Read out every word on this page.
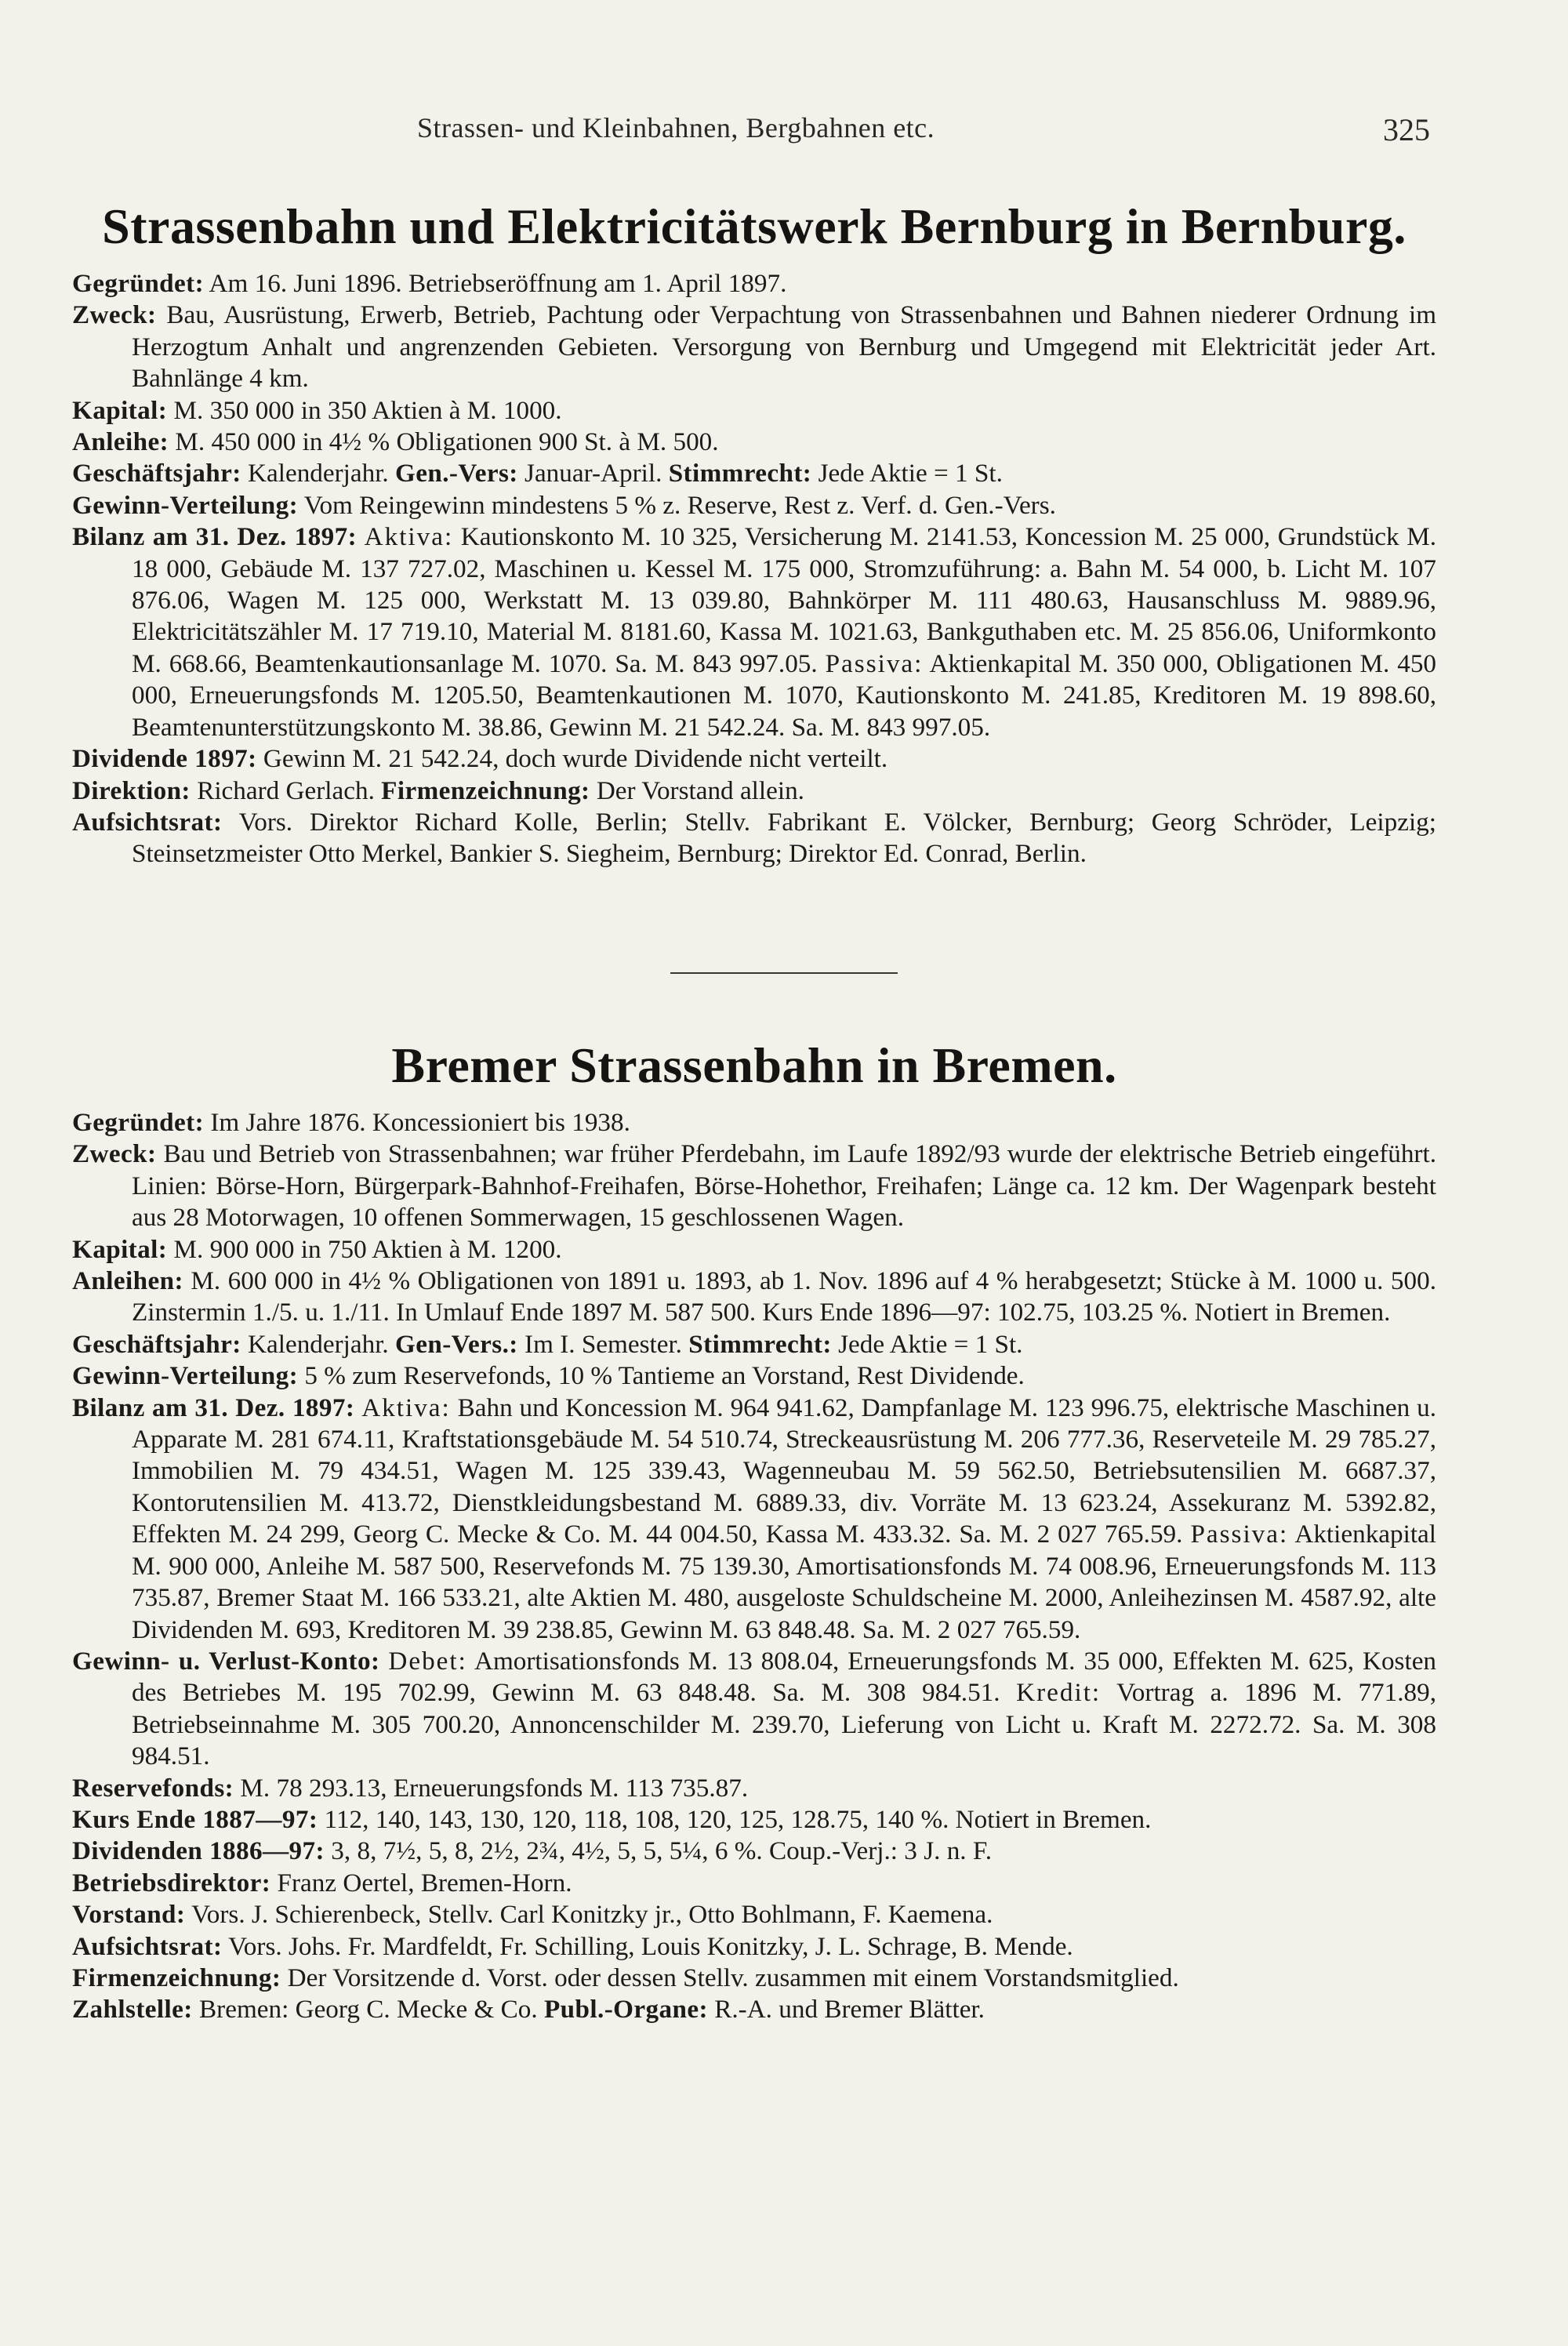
Strassen- und Kleinbahnen, Bergbahnen etc.	325
Strassenbahn und Elektricitätswerk Bernburg in Bernburg.

Gegründet: Am 16. Juni 1896. Betriebseröffnung am 1. April 1897.

Zweck: Bau, Ausrüstung, Erwerb, Betrieb, Pachtung oder Verpachtung von Strassenbahnen und Bahnen niederer Ordnung im Herzogtum Anhalt und angrenzenden Gebieten. Versorgung von Bernburg und Umgegend mit Elektricität jeder Art. Bahnlänge 4 km.

Kapital: M. 350 000 in 350 Aktien à M. 1000.

Anleihe: M. 450 000 in 4½ % Obligationen 900 St. à M. 500.

Geschäftsjahr: Kalenderjahr. Gen.-Vers: Januar-April. Stimmrecht: Jede Aktie = 1 St.

Gewinn-Verteilung: Vom Reingewinn mindestens 5 % z. Reserve, Rest z. Verf. d. Gen.-Vers.

Bilanz am 31. Dez. 1897: Aktiva: Kautionskonto M. 10 325, Versicherung M. 2141.53, Koncession M. 25 000, Grundstück M. 18 000, Gebäude M. 137 727.02, Maschinen u. Kessel M. 175 000, Stromzuführung: a. Bahn M. 54 000, b. Licht M. 107 876.06, Wagen M. 125 000, Werkstatt M. 13 039.80, Bahnkörper M. 111 480.63, Hausanschluss M. 9889.96, Elektricitätszähler M. 17 719.10, Material M. 8181.60, Kassa M. 1021.63, Bankguthaben etc. M. 25 856.06, Uniformkonto M. 668.66, Beamtenkautionsanlage M. 1070. Sa. M. 843 997.05. Passiva: Aktienkapital M. 350 000, Obligationen M. 450 000, Erneuerungsfonds M. 1205.50, Beamtenkautionen M. 1070, Kautionskonto M. 241.85, Kreditoren M. 19 898.60, Beamtenunterstützungskonto M. 38.86, Gewinn M. 21 542.24. Sa. M. 843 997.05.

Dividende 1897: Gewinn M. 21 542.24, doch wurde Dividende nicht verteilt.

Direktion: Richard Gerlach. Firmenzeichnung: Der Vorstand allein.

Aufsichtsrat: Vors. Direktor Richard Kolle, Berlin; Stellv. Fabrikant E. Völcker, Bernburg; Georg Schröder, Leipzig; Steinsetzmeister Otto Merkel, Bankier S. Siegheim, Bernburg; Direktor Ed. Conrad, Berlin.

Bremer Strassenbahn in Bremen.

Gegründet: Im Jahre 1876. Koncessioniert bis 1938.

Zweck: Bau und Betrieb von Strassenbahnen; war früher Pferdebahn, im Laufe 1892/93 wurde der elektrische Betrieb eingeführt. Linien: Börse-Horn, Bürgerpark-Bahnhof-Freihafen, Börse-Hohethor, Freihafen; Länge ca. 12 km. Der Wagenpark besteht aus 28 Motorwagen, 10 offenen Sommerwagen, 15 geschlossenen Wagen.

Kapital: M. 900 000 in 750 Aktien à M. 1200.

Anleihen: M. 600 000 in 4½ % Obligationen von 1891 u. 1893, ab 1. Nov. 1896 auf 4 % herabgesetzt; Stücke à M. 1000 u. 500. Zinstermin 1./5. u. 1./11. In Umlauf Ende 1897 M. 587 500. Kurs Ende 1896—97: 102.75, 103.25 %. Notiert in Bremen.

Geschäftsjahr: Kalenderjahr. Gen-Vers.: Im I. Semester. Stimmrecht: Jede Aktie = 1 St.

Gewinn-Verteilung: 5 % zum Reservefonds, 10 % Tantieme an Vorstand, Rest Dividende.

Bilanz am 31. Dez. 1897: Aktiva: Bahn und Koncession M. 964 941.62, Dampfanlage M. 123 996.75, elektrische Maschinen u. Apparate M. 281 674.11, Kraftstationsgebäude M. 54 510.74, Streckeausrüstung M. 206 777.36, Reserveteile M. 29 785.27, Immobilien M. 79 434.51, Wagen M. 125 339.43, Wagenneubau M. 59 562.50, Betriebsutensilien M. 6687.37, Kontorutensilien M. 413.72, Dienstkleidungsbestand M. 6889.33, div. Vorräte M. 13 623.24, Assekuranz M. 5392.82, Effekten M. 24 299, Georg C. Mecke & Co. M. 44 004.50, Kassa M. 433.32. Sa. M. 2 027 765.59. Passiva: Aktienkapital M. 900 000, Anleihe M. 587 500, Reservefonds M. 75 139.30, Amortisationsfonds M. 74 008.96, Erneuerungsfonds M. 113 735.87, Bremer Staat M. 166 533.21, alte Aktien M. 480, ausgeloste Schuldscheine M. 2000, Anleihezinsen M. 4587.92, alte Dividenden M. 693, Kreditoren M. 39 238.85, Gewinn M. 63 848.48. Sa. M. 2 027 765.59.

Gewinn- u. Verlust-Konto: Debet: Amortisationsfonds M. 13 808.04, Erneuerungsfonds M. 35 000, Effekten M. 625, Kosten des Betriebes M. 195 702.99, Gewinn M. 63 848.48. Sa. M. 308 984.51. Kredit: Vortrag a. 1896 M. 771.89, Betriebseinnahme M. 305 700.20, Annoncenschilder M. 239.70, Lieferung von Licht u. Kraft M. 2272.72. Sa. M. 308 984.51.

Reservefonds: M. 78 293.13, Erneuerungsfonds M. 113 735.87.

Kurs Ende 1887—97: 112, 140, 143, 130, 120, 118, 108, 120, 125, 128.75, 140 %. Notiert in Bremen.

Dividenden 1886—97: 3, 8, 7½, 5, 8, 2½, 2¾, 4½, 5, 5, 5¼, 6 %. Coup.-Verj.: 3 J. n. F.

Betriebsdirektor: Franz Oertel, Bremen-Horn.

Vorstand: Vors. J. Schierenbeck, Stellv. Carl Konitzky jr., Otto Bohlmann, F. Kaemena.

Aufsichtsrat: Vors. Johs. Fr. Mardfeldt, Fr. Schilling, Louis Konitzky, J. L. Schrage, B. Mende.

Firmenzeichnung: Der Vorsitzende d. Vorst. oder dessen Stellv. zusammen mit einem Vorstandsmitglied.

Zahlstelle: Bremen: Georg C. Mecke & Co. Publ.-Organe: R.-A. und Bremer Blätter.
